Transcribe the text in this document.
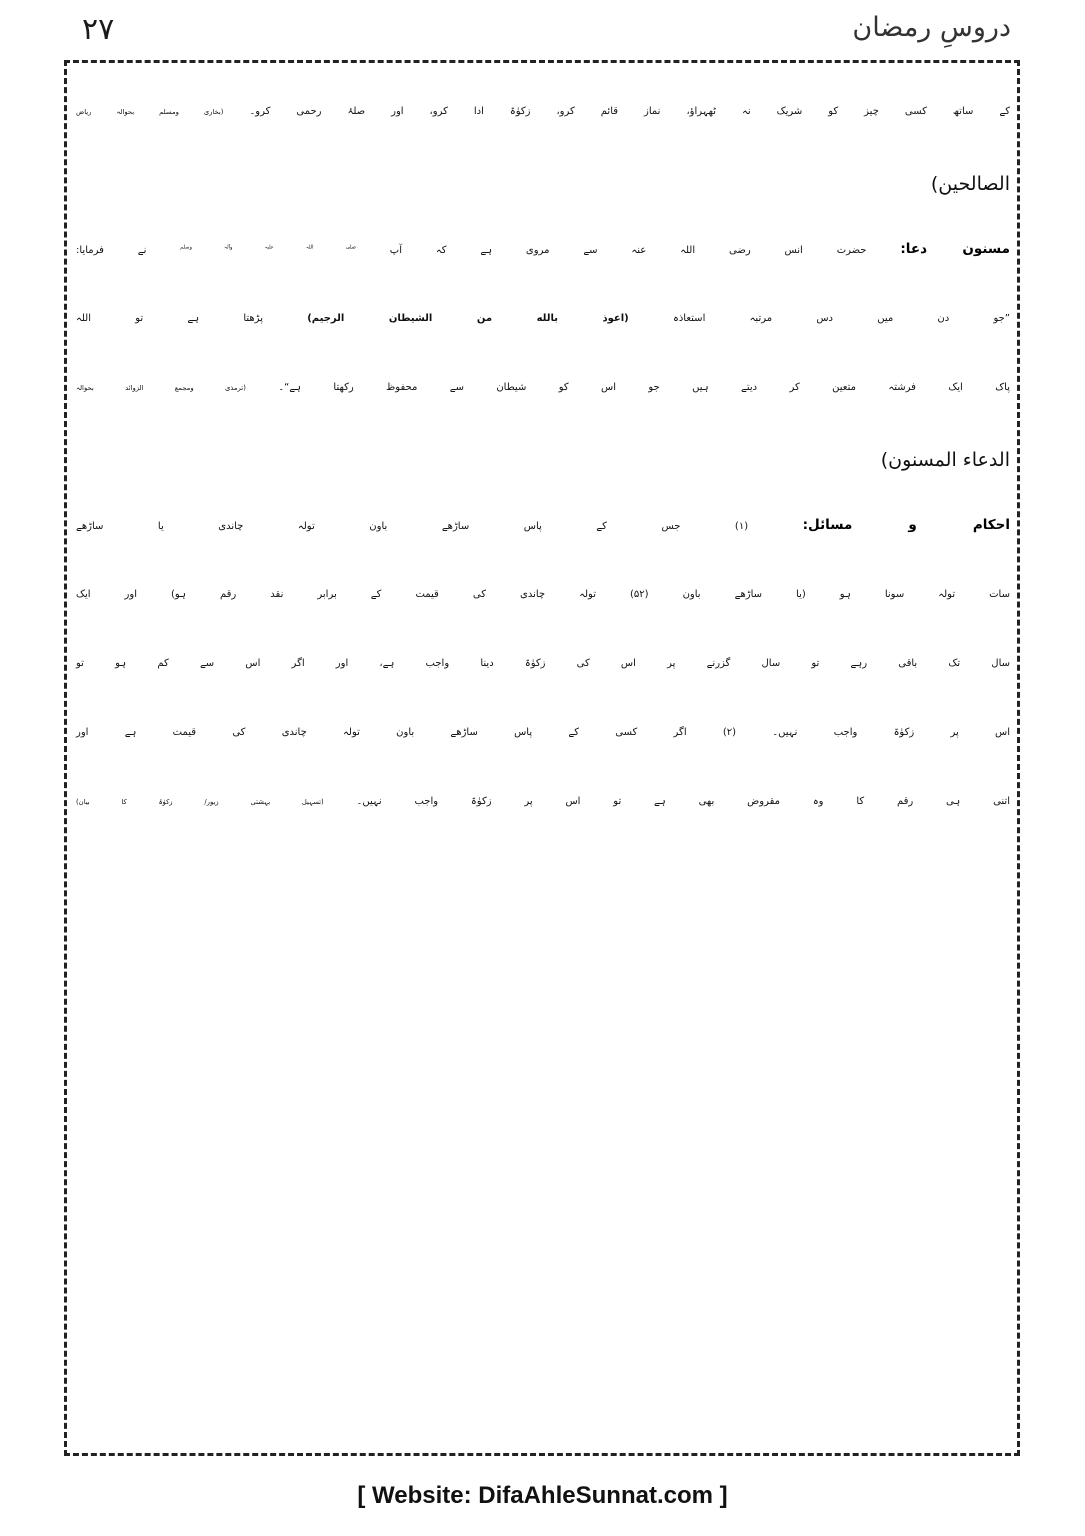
۲۷	دروسِ رمضان
کے ساتھ کسی چیز کو شریک نہ ٹھہراؤ، نماز قائم کرو، زکوٰۃ ادا کرو، اور صلۂ رحمی کرو۔ (بخاری ومسلم بحوالہ ریاض
الصالحین)
مسنون دعا: حضرت انس رضی اللہ عنہ سے مروی ہے کہ آپ $^{صلی اللہ علیہ وآلہ وسلم}$ نے فرمایا:
”جو دن میں دس مرتبہ استعاذہ (اعوذ بالله من الشيطان الرجيم) پڑھتا ہے تو اللہ
پاک ایک فرشتہ متعین کر دیتے ہیں جو اس کو شیطان سے محفوظ رکھتا ہے“۔ (ترمذی ومجمع الزوائد بحوالہ
الدعاء المسنون)
احکام و مسائل: (۱) جس کے پاس ساڑھے باون تولہ چاندی یا ساڑھے
سات تولہ سونا ہو (یا ساڑھے باون (۵۲) تولہ چاندی کی قیمت کے برابر نقد رقم ہو) اور ایک
سال تک باقی رہے تو سال گزرنے پر اس کی زکوٰۃ دینا واجب ہے، اور اگر اس سے کم ہو تو
اس پر زکوٰۃ واجب نہیں۔ (۲) اگر کسی کے پاس ساڑھے باون تولہ چاندی کی قیمت ہے اور
اتنی ہی رقم کا وہ مقروض بھی ہے تو اس پر زکوٰۃ واجب نہیں۔ (تسہیل بہشتی زیور/ زکوٰۃ کا بیان)
[ Website: DifaAhleSunnat.com ]
